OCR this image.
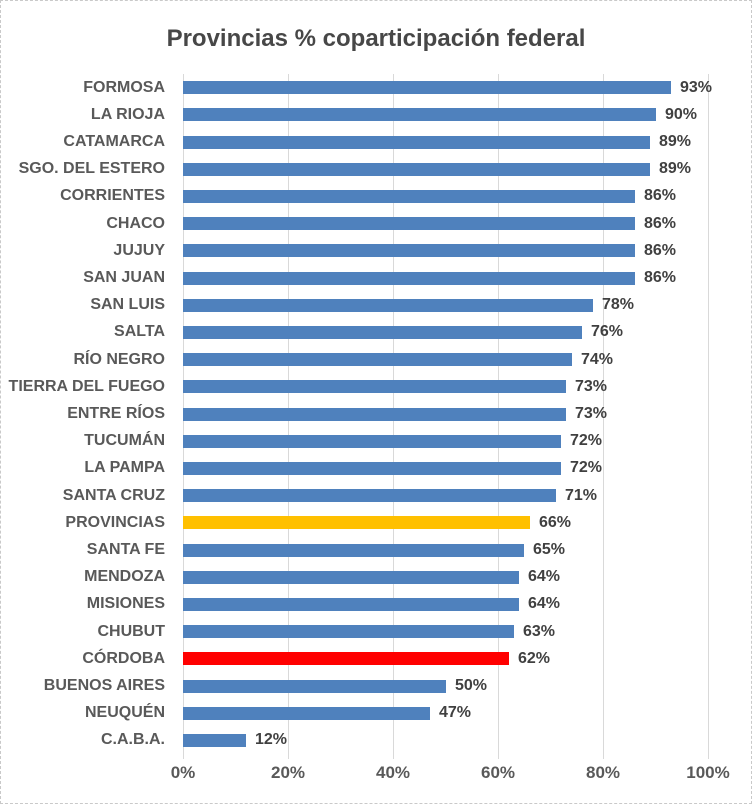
Provincias % coparticipación federal
93%
90%
89%
89%
86%
86%
86%
86%
78%
76%
74%
73%
73%
72%
72%
71%
66%
65%
64%
64%
63%
62%
50%
47%
12%
FORMOSA
LA RIOJA
CATAMARCA
SGO. DEL ESTERO
CORRIENTES
CHACO
JUJUY
SAN JUAN
SAN LUIS
SALTA
RÍO NEGRO
TIERRA DEL FUEGO
ENTRE RÍOS
TUCUMÁN
LA PAMPA
SANTA CRUZ
PROVINCIAS
SANTA FE
MENDOZA
MISIONES
CHUBUT
CÓRDOBA
BUENOS AIRES
NEUQUÉN
C.A.B.A.
0%	20%	40%	60%	80%	100%
